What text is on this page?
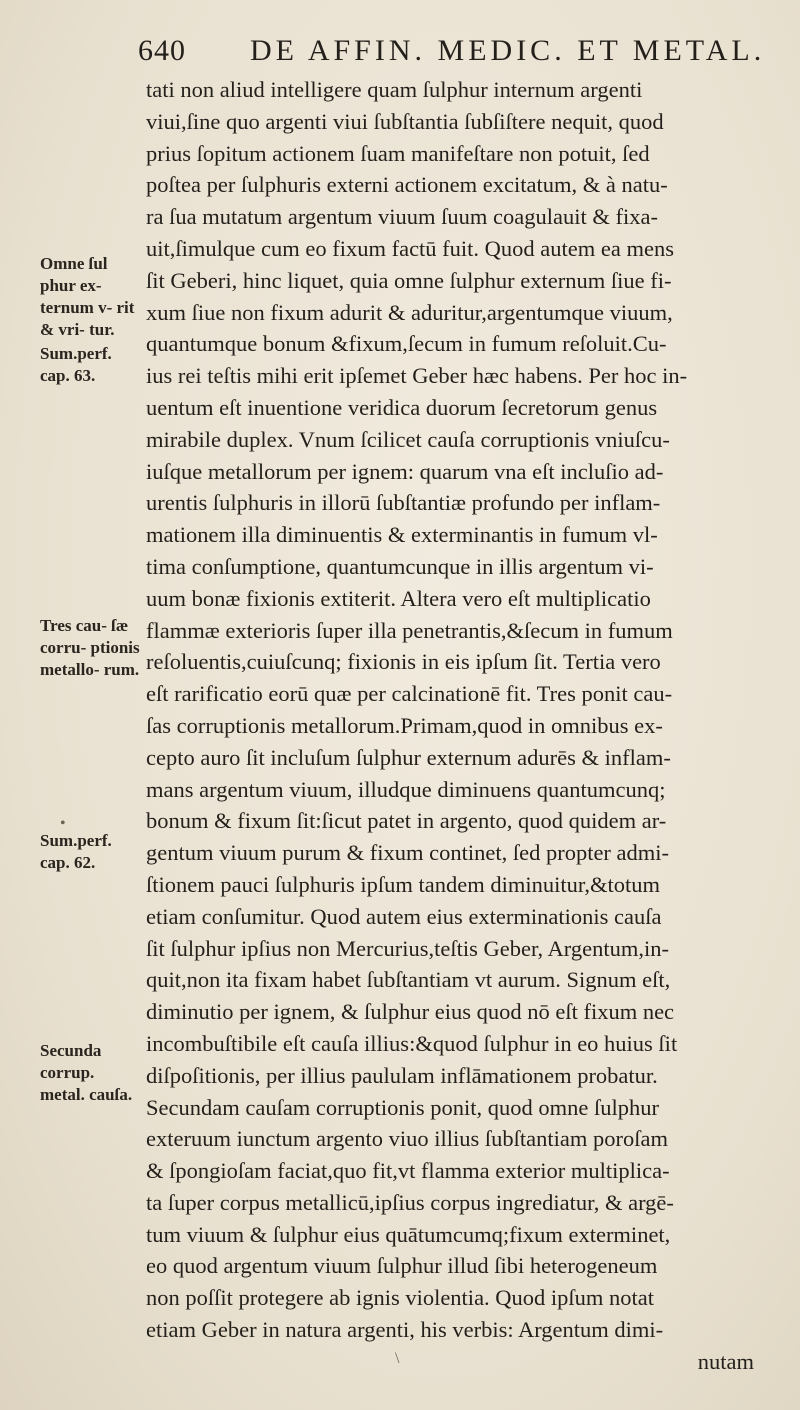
640 DE AFFIN. MEDIC. ET METAL.
Omne ſul phur ex- ternum v- rit & vri- tur.
Sum.perf. cap. 63.
Tres cau- ſæ corru- ptionis metallo- rum.
Sum.perf. cap. 62.
Secunda corrup. metal. cauſa.
tati non aliud intelligere quam ſulphur internum argenti
viui,ſine quo argenti viui ſubſtantia ſubſiſtere nequit, quod
prius ſopitum actionem ſuam manifeſtare non potuit, ſed
poſtea per ſulphuris externi actionem excitatum, & à natu-
ra ſua mutatum argentum viuum ſuum coagulauit & fixa-
uit,ſimulque cum eo fixum factū fuit. Quod autem ea mens
ſit Geberi, hinc liquet, quia omne ſulphur externum ſiue fi-
xum ſiue non fixum adurit & aduritur,argentumque viuum,
quantumque bonum &fixum,ſecum in fumum reſoluit.Cu-
ius rei teſtis mihi erit ipſemet Geber hæc habens. Per hoc in-
uentum eſt inuentione veridica duorum ſecretorum genus
mirabile duplex. Vnum ſcilicet cauſa corruptionis vniuſcu-
iuſque metallorum per ignem: quarum vna eſt incluſio ad-
urentis ſulphuris in illorū ſubſtantiæ profundo per inflam-
mationem illa diminuentis & exterminantis in fumum vl-
tima conſumptione, quantumcunque in illis argentum vi-
uum bonæ fixionis extiterit. Altera vero eſt multiplicatio
flammæ exterioris ſuper illa penetrantis,&ſecum in fumum
reſoluentis,cuiuſcunq; fixionis in eis ipſum ſit. Tertia vero
eſt rarificatio eorū quæ per calcinationē fit. Tres ponit cau-
ſas corruptionis metallorum.Primam,quod in omnibus ex-
cepto auro ſit incluſum ſulphur externum adurēs & inflam-
mans argentum viuum, illudque diminuens quantumcunq;
bonum & fixum ſit:ſicut patet in argento, quod quidem ar-
gentum viuum purum & fixum continet, ſed propter admi-
ſtionem pauci ſulphuris ipſum tandem diminuitur,&totum
etiam conſumitur. Quod autem eius exterminationis cauſa
ſit ſulphur ipſius non Mercurius,teſtis Geber, Argentum,in-
quit,non ita fixam habet ſubſtantiam vt aurum. Signum eſt,
diminutio per ignem, & ſulphur eius quod nō eſt fixum nec
incombuſtibile eſt cauſa illius:&quod ſulphur in eo huius ſit
diſpoſitionis, per illius paululam inflāmationem probatur.
Secundam cauſam corruptionis ponit, quod omne ſulphur
exteruum iunctum argento viuo illius ſubſtantiam poroſam
& ſpongioſam faciat,quo fit,vt flamma exterior multiplica-
ta ſuper corpus metallicū,ipſius corpus ingrediatur, & argē-
tum viuum & ſulphur eius quātumcumq;fixum exterminet,
eo quod argentum viuum ſulphur illud ſibi heterogeneum
non poſſit protegere ab ignis violentia. Quod ipſum notat
etiam Geber in natura argenti, his verbis: Argentum dimi-
nutam
•
\
